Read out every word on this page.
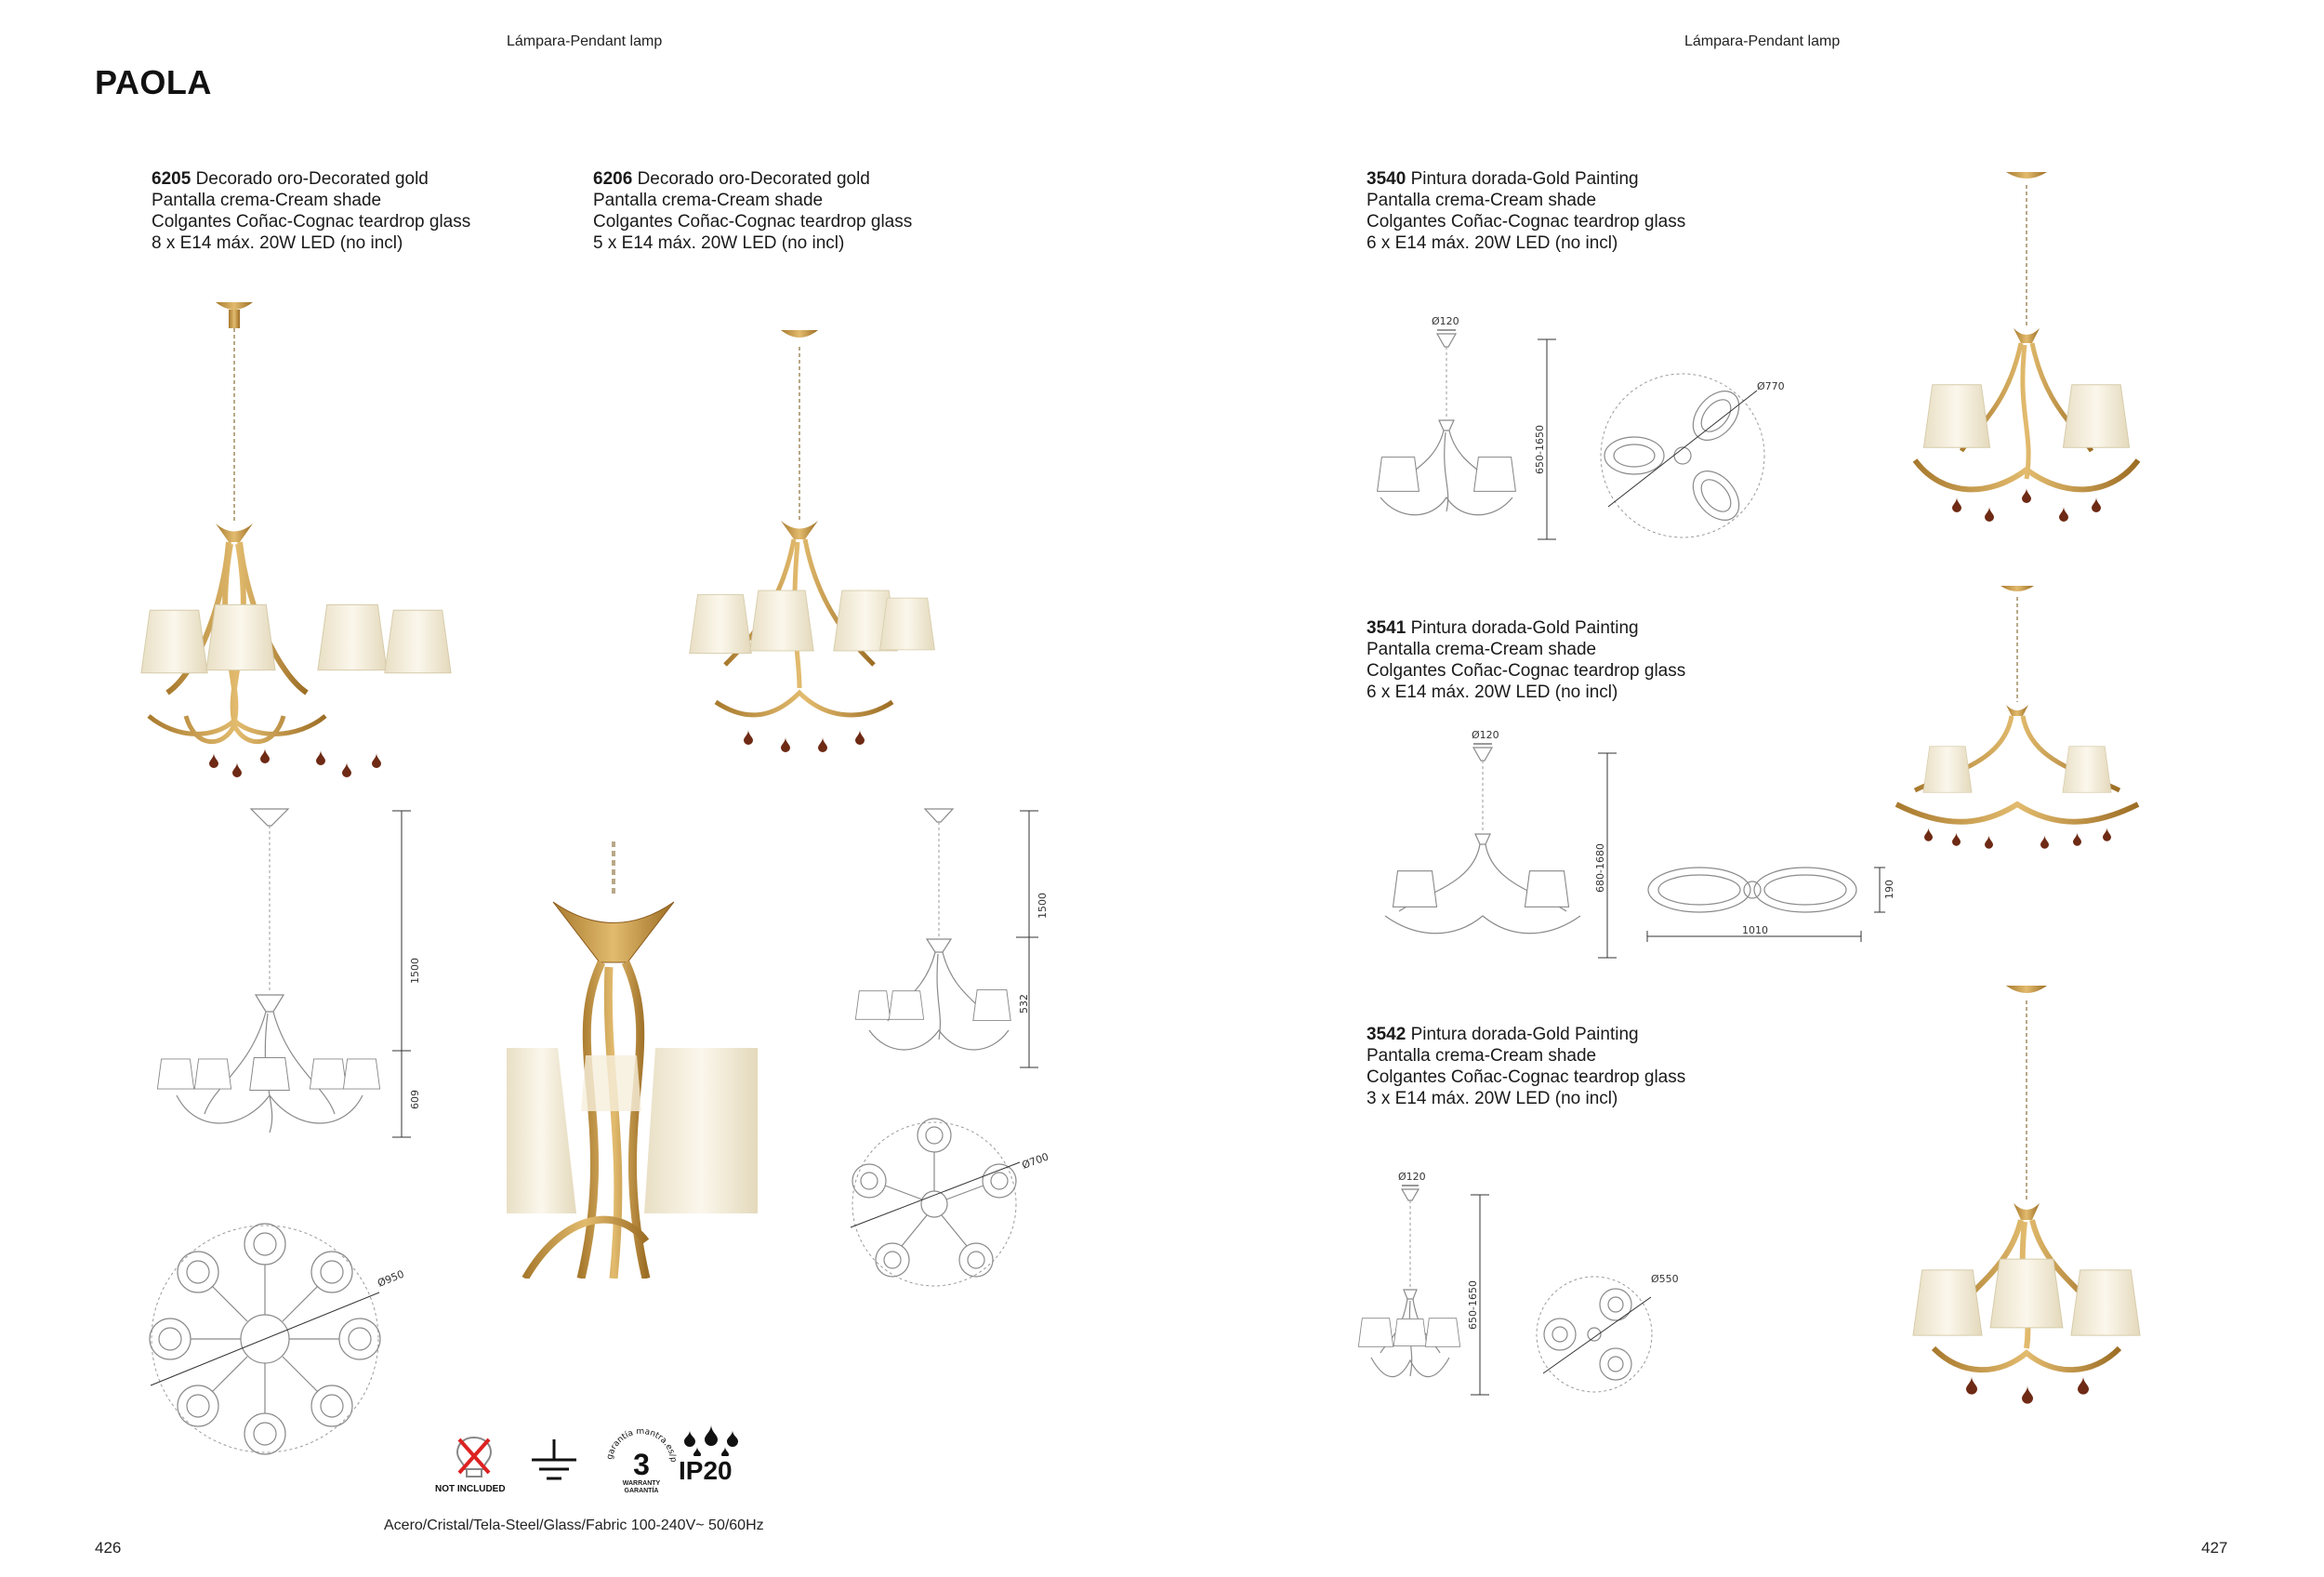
Lámpara-Pendant lamp	Lámpara-Pendant lamp
PAOLA
6205 Decorado oro-Decorated gold
Pantalla crema-Cream shade
Colgantes Coñac-Cognac teardrop glass
8 x E14 máx. 20W LED (no incl)
6206 Decorado oro-Decorated gold
Pantalla crema-Cream shade
Colgantes Coñac-Cognac teardrop glass
5 x E14 máx. 20W LED (no incl)
3540 Pintura dorada-Gold Painting
Pantalla crema-Cream shade
Colgantes Coñac-Cognac teardrop glass
6 x E14 máx. 20W LED (no incl)
3541 Pintura dorada-Gold Painting
Pantalla crema-Cream shade
Colgantes Coñac-Cognac teardrop glass
6 x E14 máx. 20W LED (no incl)
3542 Pintura dorada-Gold Painting
Pantalla crema-Cream shade
Colgantes Coñac-Cognac teardrop glass
3 x E14 máx. 20W LED (no incl)
1500
609
Ø950
1500
532
Ø700
Ø120
650-1650
Ø770
Ø120
680-1680
1010
190
Ø120
650-1650
Ø550
NOT INCLUDED
garantía mantra.es/p
3
WARRANTY GARANTÍA
IP20
Acero/Cristal/Tela-Steel/Glass/Fabric 100-240V~ 50/60Hz
426	427
